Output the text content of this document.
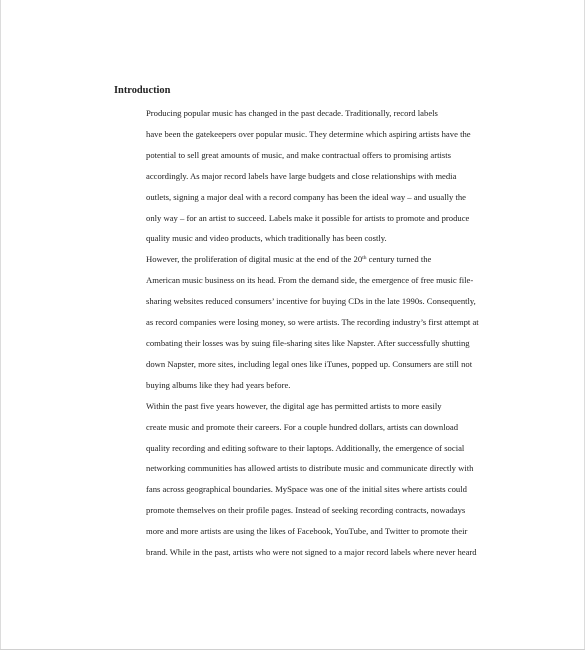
Introduction

Producing popular music has changed in the past decade. Traditionally, record labels
have been the gatekeepers over popular music. They determine which aspiring artists have the
potential to sell great amounts of music, and make contractual offers to promising artists
accordingly. As major record labels have large budgets and close relationships with media
outlets, signing a major deal with a record company has been the ideal way – and usually the
only way – for an artist to succeed. Labels make it possible for artists to promote and produce
quality music and video products, which traditionally has been costly.

However, the proliferation of digital music at the end of the 20th century turned the
American music business on its head. From the demand side, the emergence of free music file-
sharing websites reduced consumers’ incentive for buying CDs in the late 1990s. Consequently,
as record companies were losing money, so were artists. The recording industry’s first attempt at
combating their losses was by suing file-sharing sites like Napster. After successfully shutting
down Napster, more sites, including legal ones like iTunes, popped up. Consumers are still not
buying albums like they had years before.

Within the past five years however, the digital age has permitted artists to more easily
create music and promote their careers. For a couple hundred dollars, artists can download
quality recording and editing software to their laptops. Additionally, the emergence of social
networking communities has allowed artists to distribute music and communicate directly with
fans across geographical boundaries. MySpace was one of the initial sites where artists could
promote themselves on their profile pages. Instead of seeking recording contracts, nowadays
more and more artists are using the likes of Facebook, YouTube, and Twitter to promote their
brand. While in the past, artists who were not signed to a major record labels where never heard
